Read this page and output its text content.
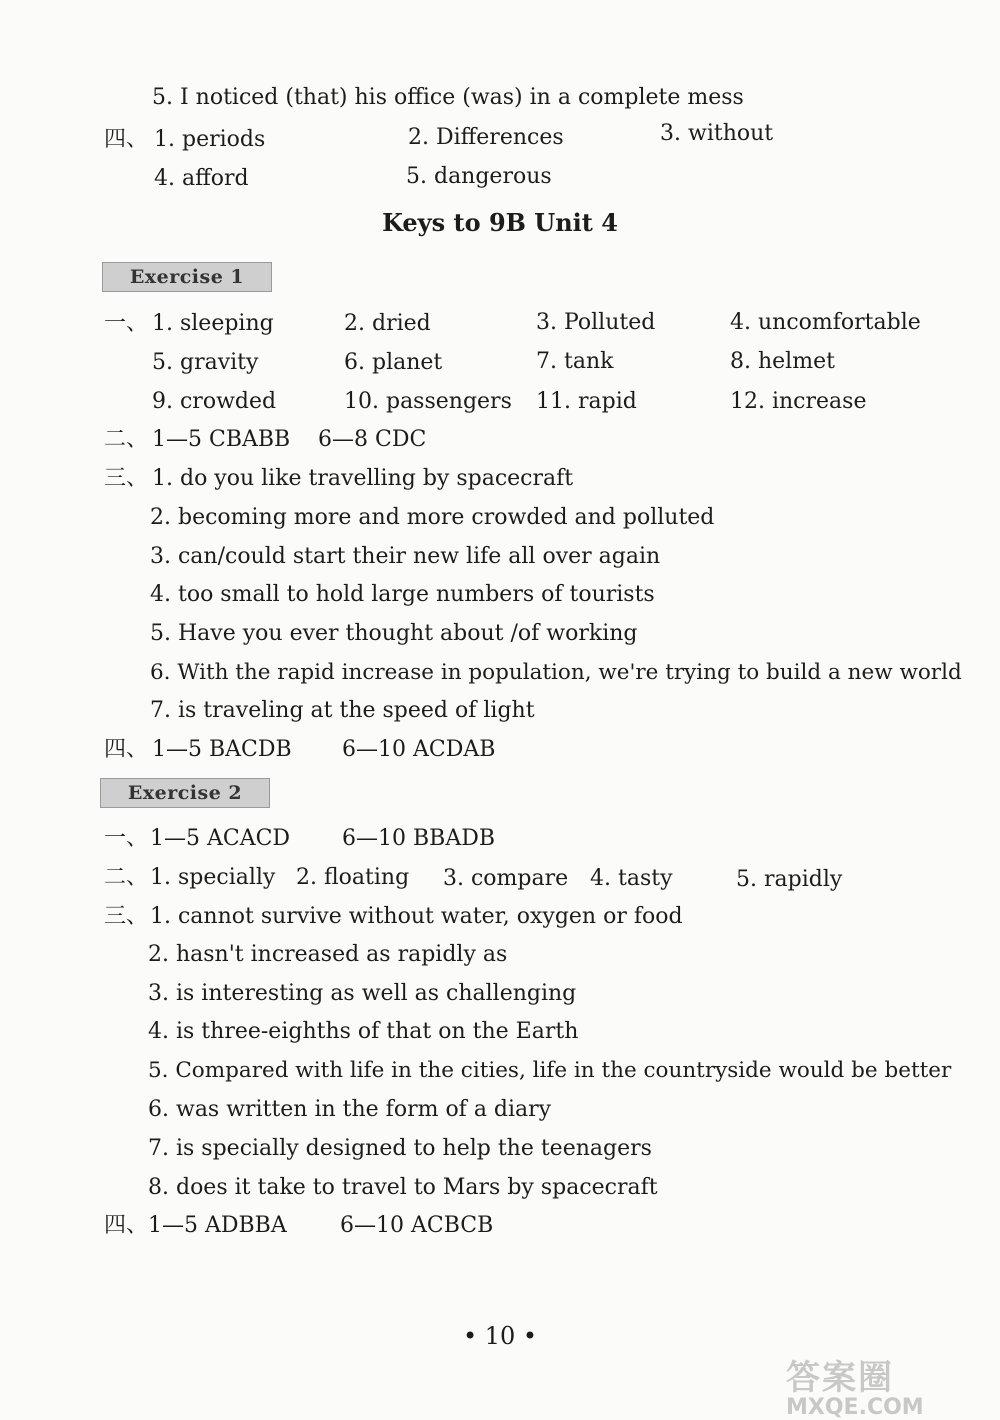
5. I noticed (that) his office (was) in a complete mess
四、 1. periods	2. Differences	3. without
4. afford	5. dangerous
Keys to 9B Unit 4
Exercise 1
一、 1. sleeping	2. dried	3. Polluted	4. uncomfortable
5. gravity	6. planet	7. tank	8. helmet
9. crowded	10. passengers 11. rapid	12. increase
二、 1—5 CBABB 6—8 CDC
三、 1. do you like travelling by spacecraft
2. becoming more and more crowded and polluted
3. can/could start their new life all over again
4. too small to hold large numbers of tourists
5. Have you ever thought about /of working
6. With the rapid increase in population, we're trying to build a new world
7. is traveling at the speed of light
四、 1—5 BACDB 6—10 ACDAB
Exercise 2
一、 1—5 ACACD 6—10 BBADB
二、 1. specially 2. floating 3. compare 4. tasty	5. rapidly
三、 1. cannot survive without water, oxygen or food
2. hasn't increased as rapidly as
3. is interesting as well as challenging
4. is three-eighths of that on the Earth
5. Compared with life in the cities, life in the countryside would be better
6. was written in the form of a diary
7. is specially designed to help the teenagers
8. does it take to travel to Mars by spacecraft
四、 1—5 ADBBA 6—10 ACBCB
• 10 •
答案圈
MXQE.COM
